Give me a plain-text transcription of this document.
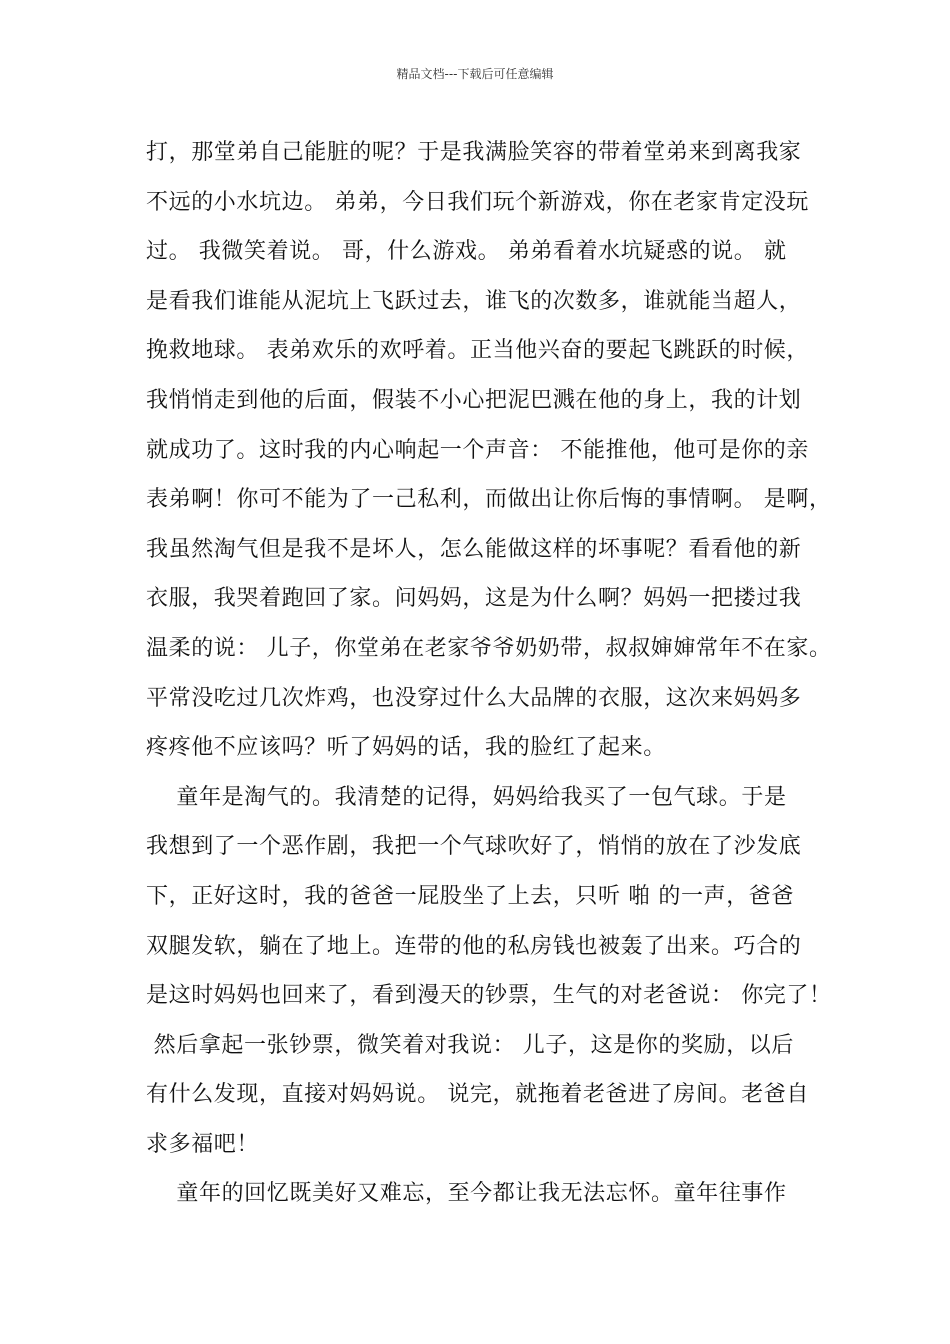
精品文档---下载后可任意编辑
打，那堂弟自己能脏的呢？于是我满脸笑容的带着堂弟来到离我家
不远的小水坑边。 弟弟，今日我们玩个新游戏，你在老家肯定没玩
过。 我微笑着说。 哥，什么游戏。 弟弟看着水坑疑惑的说。 就
是看我们谁能从泥坑上飞跃过去，谁飞的次数多，谁就能当超人，
挽救地球。 表弟欢乐的欢呼着。正当他兴奋的要起飞跳跃的时候，
我悄悄走到他的后面，假装不小心把泥巴溅在他的身上，我的计划
就成功了。这时我的内心响起一个声音： 不能推他，他可是你的亲
表弟啊！你可不能为了一己私利，而做出让你后悔的事情啊。 是啊，
我虽然淘气但是我不是坏人，怎么能做这样的坏事呢？看看他的新
衣服，我哭着跑回了家。问妈妈，这是为什么啊？妈妈一把搂过我
温柔的说： 儿子，你堂弟在老家爷爷奶奶带，叔叔婶婶常年不在家。
平常没吃过几次炸鸡，也没穿过什么大品牌的衣服，这次来妈妈多
疼疼他不应该吗？听了妈妈的话，我的脸红了起来。
童年是淘气的。我清楚的记得，妈妈给我买了一包气球。于是
我想到了一个恶作剧，我把一个气球吹好了，悄悄的放在了沙发底
下，正好这时，我的爸爸一屁股坐了上去，只听 啪 的一声，爸爸
双腿发软，躺在了地上。连带的他的私房钱也被轰了出来。巧合的
是这时妈妈也回来了，看到漫天的钞票，生气的对老爸说： 你完了！
然后拿起一张钞票，微笑着对我说： 儿子，这是你的奖励，以后
有什么发现，直接对妈妈说。 说完，就拖着老爸进了房间。老爸自
求多福吧！
童年的回忆既美好又难忘，至今都让我无法忘怀。童年往事作
